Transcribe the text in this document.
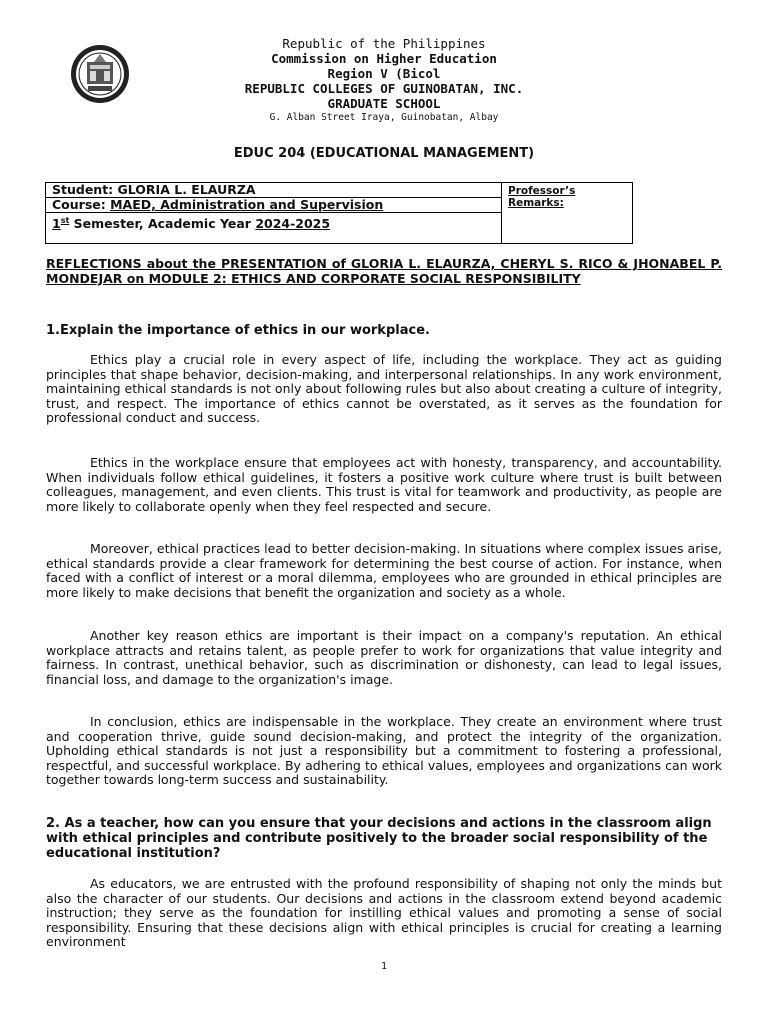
Republic of the Philippines
Commission on Higher Education
Region V (Bicol
REPUBLIC COLLEGES OF GUINOBATAN, INC.
GRADUATE SCHOOL
G. Alban Street Iraya, Guinobatan, Albay
EDUC 204 (EDUCATIONAL MANAGEMENT)
Student: GLORIA L. ELAURZA	Professor’s Remarks:
Course: MAED, Administration and Supervision
1st Semester, Academic Year 2024-2025
REFLECTIONS about the PRESENTATION of GLORIA L. ELAURZA, CHERYL S. RICO & JHONABEL P. MONDEJAR on MODULE 2: ETHICS AND CORPORATE SOCIAL RESPONSIBILITY
1.Explain the importance of ethics in our workplace.
Ethics play a crucial role in every aspect of life, including the workplace. They act as guiding principles that shape behavior, decision-making, and interpersonal relationships. In any work environment, maintaining ethical standards is not only about following rules but also about creating a culture of integrity, trust, and respect. The importance of ethics cannot be overstated, as it serves as the foundation for professional conduct and success.
Ethics in the workplace ensure that employees act with honesty, transparency, and accountability. When individuals follow ethical guidelines, it fosters a positive work culture where trust is built between colleagues, management, and even clients. This trust is vital for teamwork and productivity, as people are more likely to collaborate openly when they feel respected and secure.
Moreover, ethical practices lead to better decision-making. In situations where complex issues arise, ethical standards provide a clear framework for determining the best course of action. For instance, when faced with a conflict of interest or a moral dilemma, employees who are grounded in ethical principles are more likely to make decisions that benefit the organization and society as a whole.
Another key reason ethics are important is their impact on a company's reputation. An ethical workplace attracts and retains talent, as people prefer to work for organizations that value integrity and fairness. In contrast, unethical behavior, such as discrimination or dishonesty, can lead to legal issues, financial loss, and damage to the organization's image.
In conclusion, ethics are indispensable in the workplace. They create an environment where trust and cooperation thrive, guide sound decision-making, and protect the integrity of the organization. Upholding ethical standards is not just a responsibility but a commitment to fostering a professional, respectful, and successful workplace. By adhering to ethical values, employees and organizations can work together towards long-term success and sustainability.
2. As a teacher, how can you ensure that your decisions and actions in the classroom align with ethical principles and contribute positively to the broader social responsibility of the educational institution?
As educators, we are entrusted with the profound responsibility of shaping not only the minds but also the character of our students. Our decisions and actions in the classroom extend beyond academic instruction; they serve as the foundation for instilling ethical values and promoting a sense of social responsibility. Ensuring that these decisions align with ethical principles is crucial for creating a learning environment
1
